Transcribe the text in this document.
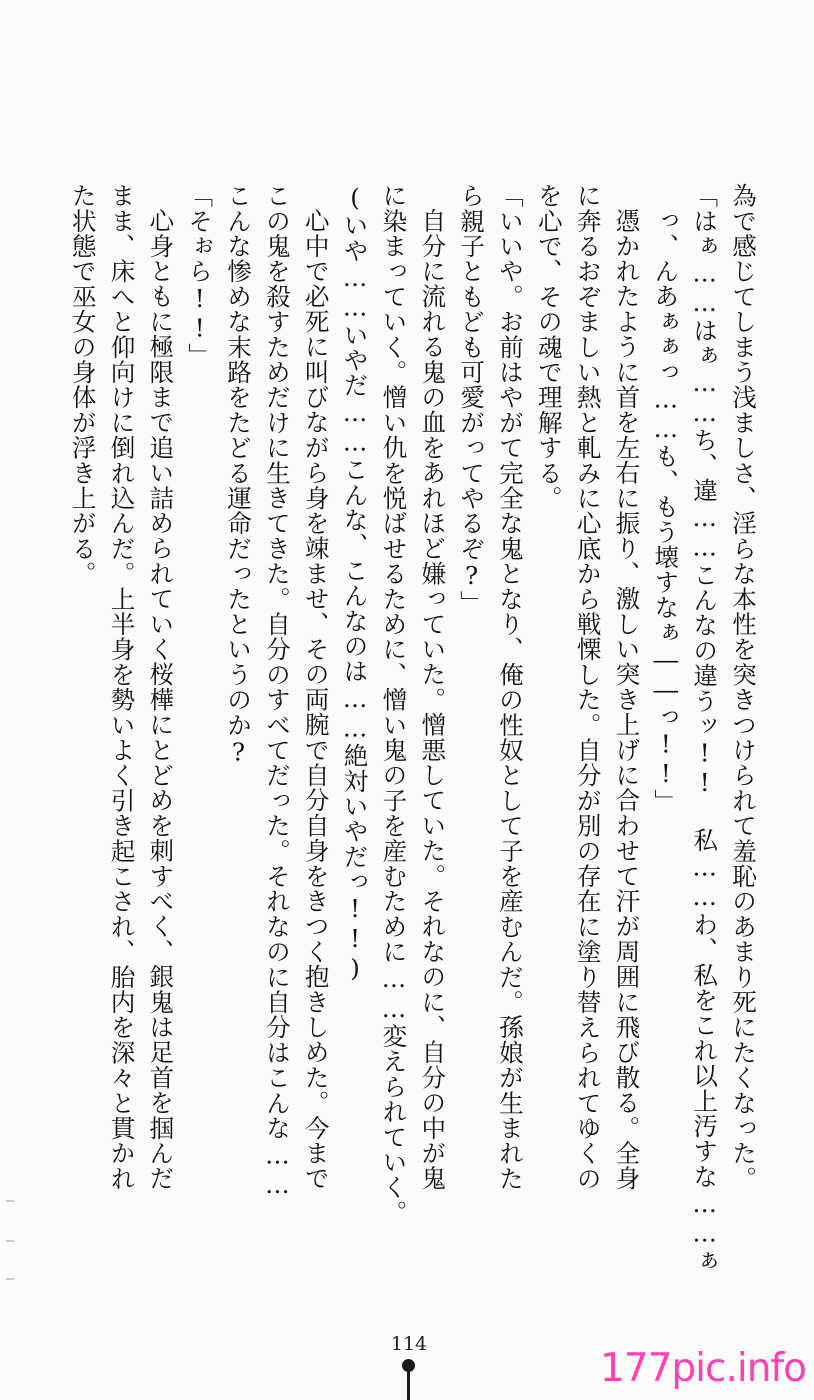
為で感じてしまう浅ましさ、淫らな本性を突きつけられて羞恥のあまり死にたくなった。
「はぁ……はぁ……ち、違……こんなの違うッ!! 私……わ、私をこれ以上汚すな……ぁ
っ、んあぁぁっ……も、もう壊すなぁ――っ!!」
憑かれたように首を左右に振り、激しい突き上げに合わせて汗が周囲に飛び散る。全身
に奔るおぞましい熱と軋みに心底から戦慄した。自分が別の存在に塗り替えられてゆくの
を心で、その魂で理解する。
「いいや。お前はやがて完全な鬼となり、俺の性奴として子を産むんだ。孫娘が生まれた
ら親子ともども可愛がってやるぞ?」
自分に流れる鬼の血をあれほど嫌っていた。憎悪していた。それなのに、自分の中が鬼
に染まっていく。憎い仇を悦ばせるために、憎い鬼の子を産むために……変えられていく。
(いや……いやだ……こんな、こんなのは……絶対いやだっ!!)
心中で必死に叫びながら身を竦ませ、その両腕で自分自身をきつく抱きしめた。今まで
この鬼を殺すためだけに生きてきた。自分のすべてだった。それなのに自分はこんな……
こんな惨めな末路をたどる運命だったというのか?
「そぉら!!」
心身ともに極限まで追い詰められていく桜樺にとどめを刺すべく、銀鬼は足首を掴んだ
まま、床へと仰向けに倒れ込んだ。上半身を勢いよく引き起こされ、胎内を深々と貫かれ
た状態で巫女の身体が浮き上がる。
114
177pic.info
